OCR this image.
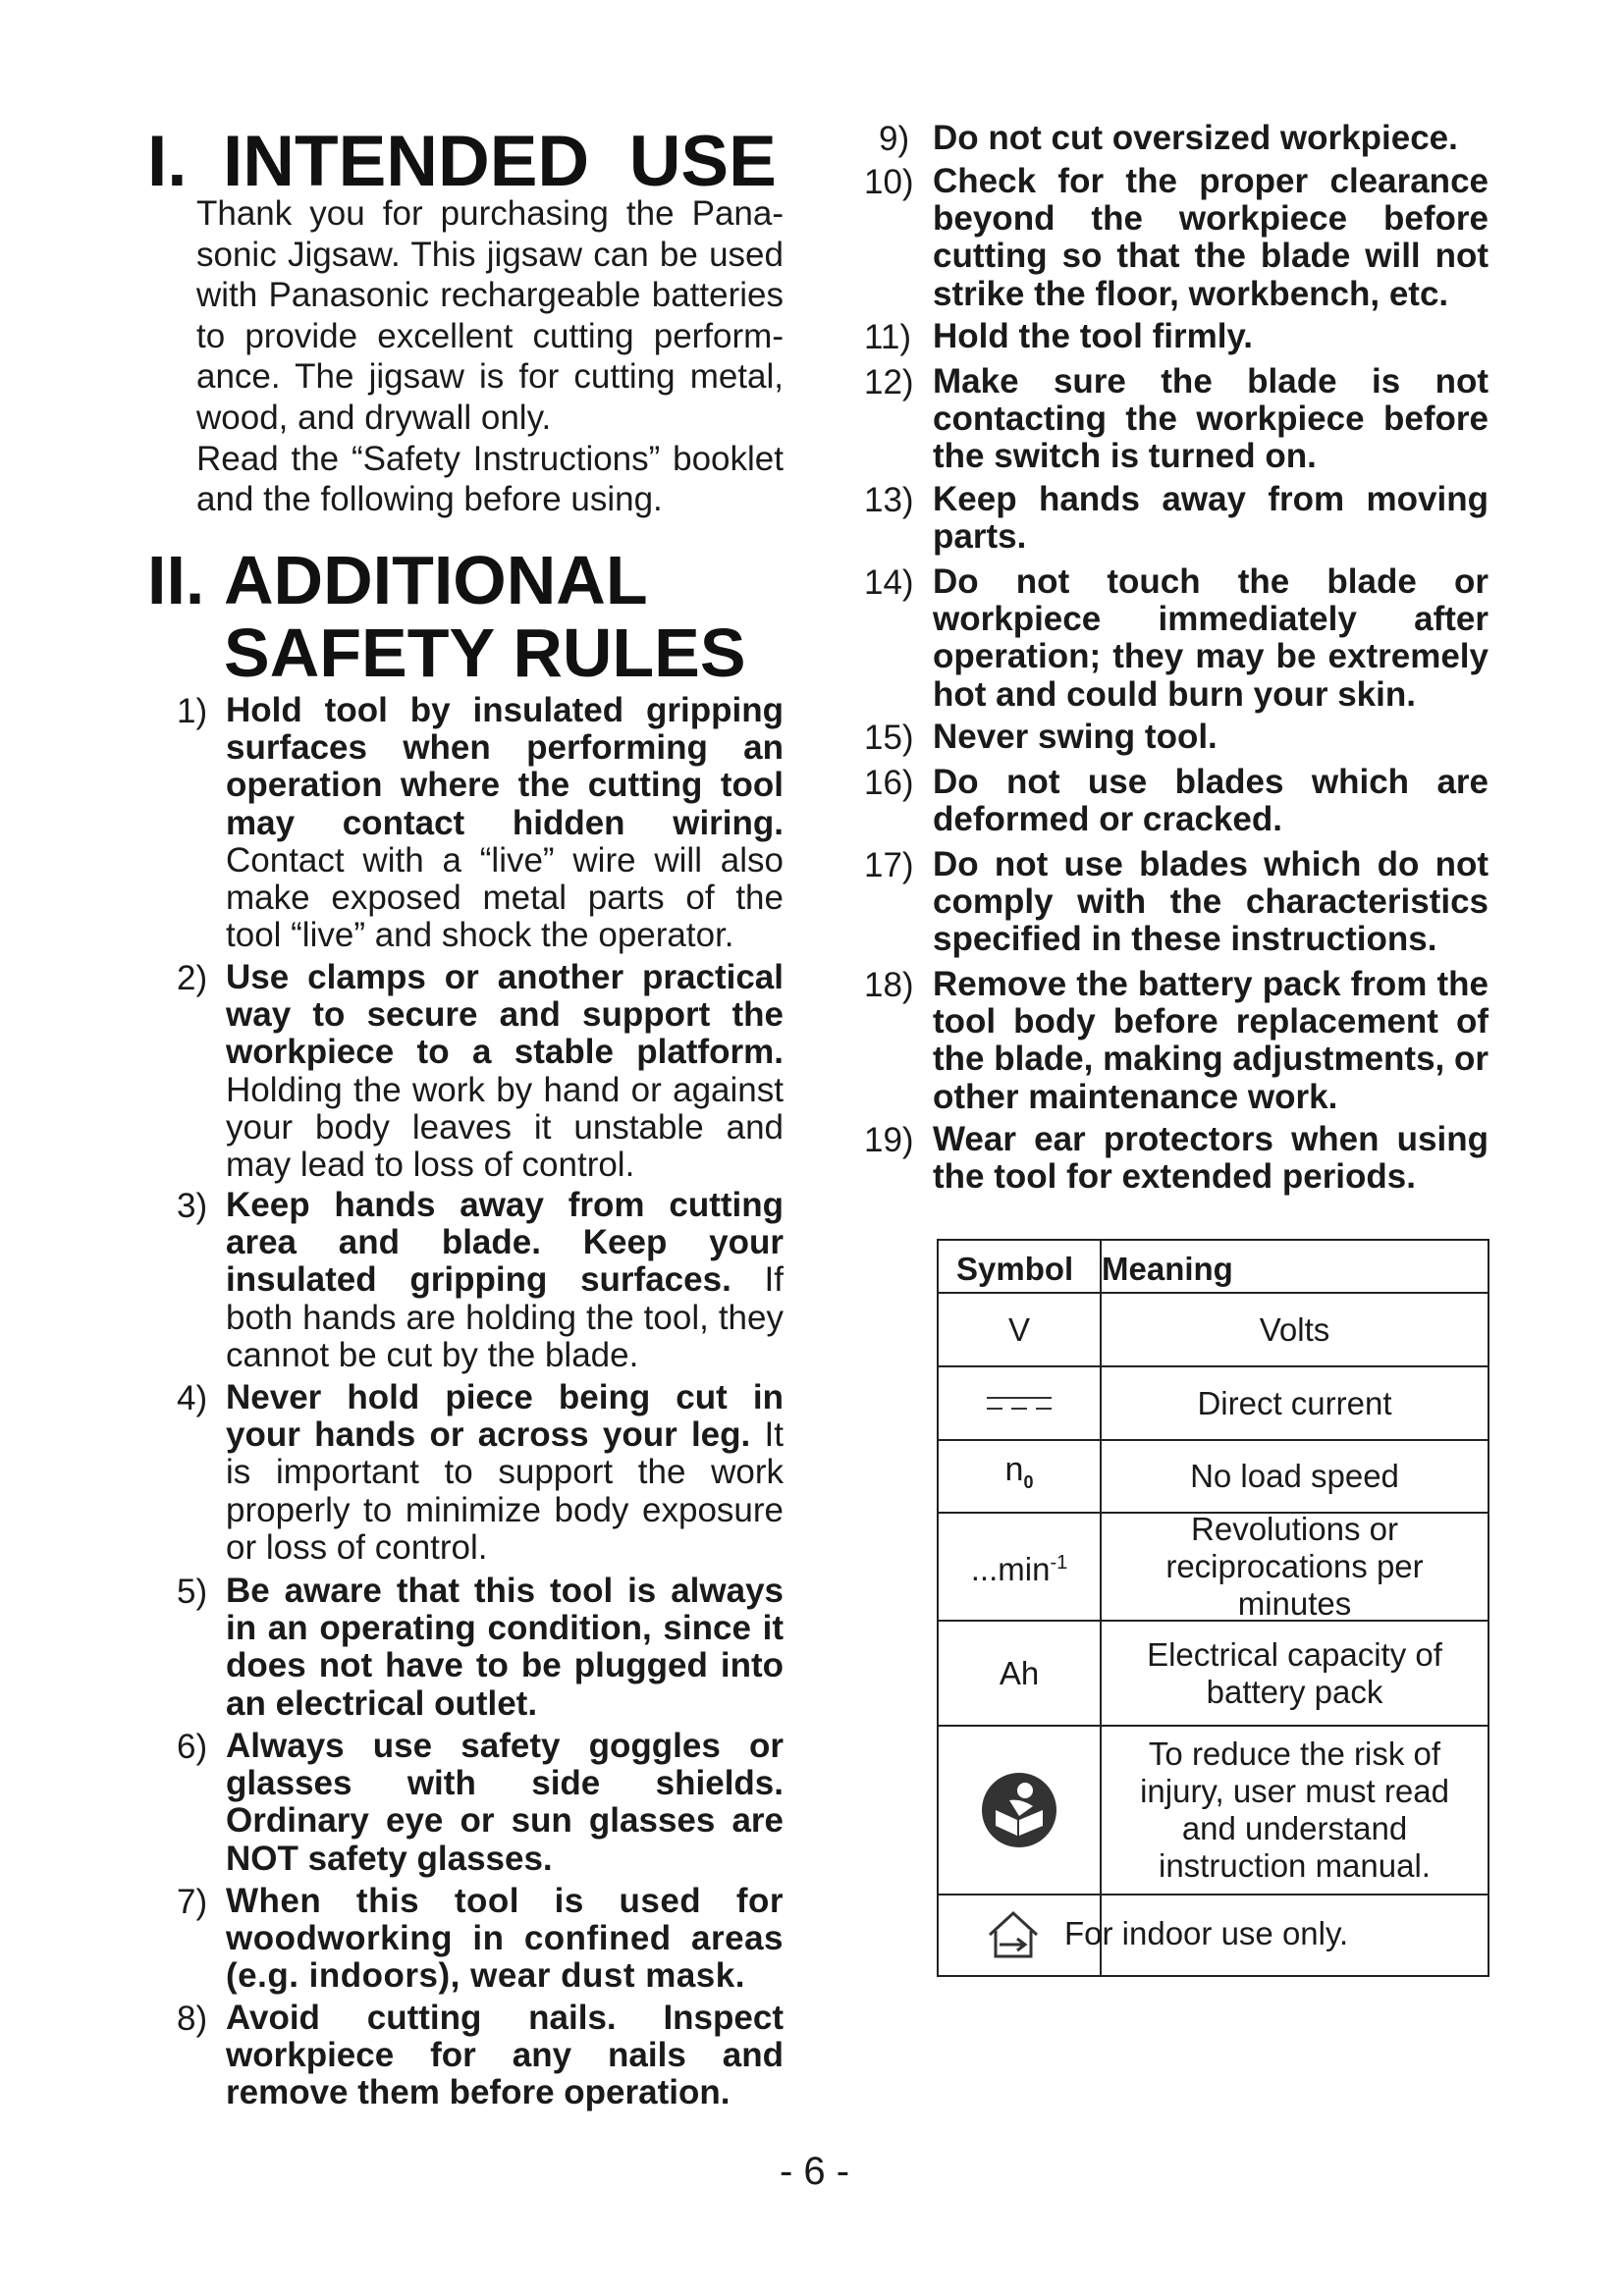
I. INTENDED  USE
Thank you for purchasing the Pana-
sonic Jigsaw. This jigsaw can be used
with Panasonic rechargeable batteries
to provide excellent cutting perform-
ance. The jigsaw is for cutting metal,
wood, and drywall only.
Read the “Safety Instructions” booklet
and the following before using.
II. ADDITIONAL
SAFETY RULES
1) Hold tool by insulated gripping surfaces when performing an operation where the cutting tool may contact hidden wiring. Contact with a “live” wire will also make exposed metal parts of the tool “live” and shock the operator.
2) Use clamps or another practical way to secure and support the workpiece to a stable platform. Holding the work by hand or against your body leaves it unstable and may lead to loss of control.
3) Keep hands away from cutting area and blade. Keep your insulated gripping surfaces. If both hands are holding the tool, they cannot be cut by the blade.
4) Never hold piece being cut in your hands or across your leg. It is important to support the work properly to minimize body exposure or loss of control.
5) Be aware that this tool is always in an operating condition, since it does not have to be plugged into an electrical outlet.
6) Always use safety goggles or glasses with side shields. Ordinary eye or sun glasses are NOT safety glasses.
7) When this tool is used for woodworking in confined areas (e.g. indoors), wear dust mask.
8) Avoid cutting nails. Inspect workpiece for any nails and remove them before operation.
9) Do not cut oversized workpiece.
10) Check for the proper clearance beyond the workpiece before cutting so that the blade will not strike the floor, workbench, etc.
11) Hold the tool firmly.
12) Make sure the blade is not contacting the workpiece before the switch is turned on.
13) Keep hands away from moving parts.
14) Do not touch the blade or workpiece immediately after operation; they may be extremely hot and could burn your skin.
15) Never swing tool.
16) Do not use blades which are deformed or cracked.
17) Do not use blades which do not comply with the characteristics specified in these instructions.
18) Remove the battery pack from the tool body before replacement of the blade, making adjustments, or other maintenance work.
19) Wear ear protectors when using the tool for extended periods.
Symbol Meaning
V	Volts
Direct current
$n_0$	No load speed
$...\min^{-1}$
Revolutions or reciprocations per minutes
Ah
Electrical capacity of battery pack
To reduce the risk of injury, user must read and understand instruction manual.
For indoor use only.
- 6 -
